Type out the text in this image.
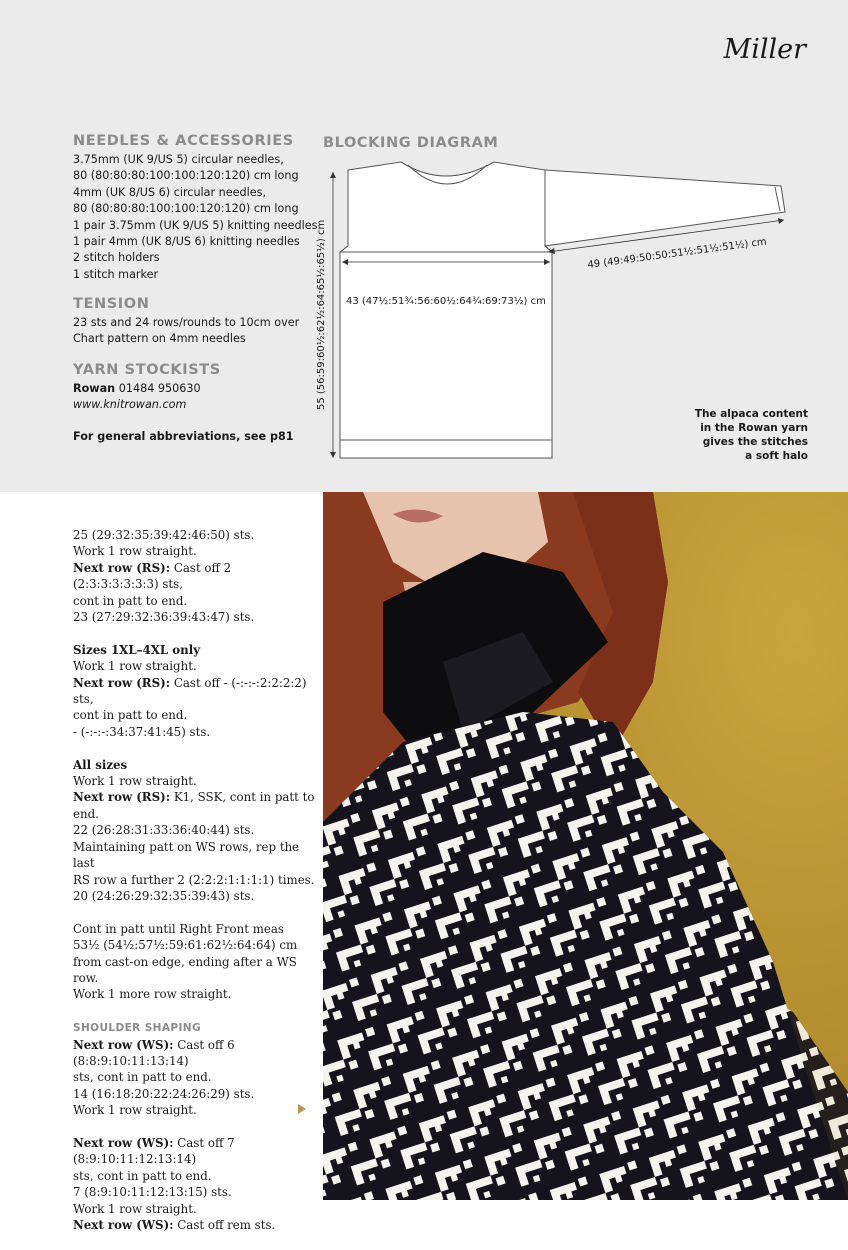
Miller
NEEDLES & ACCESSORIES
3.75mm (UK 9/US 5) circular needles,
80 (80:80:80:100:100:120:120) cm long
4mm (UK 8/US 6) circular needles,
80 (80:80:80:100:100:120:120) cm long
1 pair 3.75mm (UK 9/US 5) knitting needles
1 pair 4mm (UK 8/US 6) knitting needles
2 stitch holders
1 stitch marker
TENSION
23 sts and 24 rows/rounds to 10cm over
Chart pattern on 4mm needles
YARN STOCKISTS
Rowan 01484 950630
www.knitrowan.com
For general abbreviations, see p81
BLOCKING DIAGRAM
43 (47½:51¾:56:60½:64¾:69:73½) cm
55 (56:59:60½:62½:64:65½:65½) cm	49 (49:49:50:50:51½:51½:51½) cm
The alpaca content
in the Rowan yarn
gives the stitches
a soft halo

25 (29:32:35:39:42:46:50) sts.
Work 1 row straight.
Next row (RS): Cast off 2 (2:3:3:3:3:3:3) sts,
cont in patt to end.
23 (27:29:32:36:39:43:47) sts.

Sizes 1XL–4XL only
Work 1 row straight.
Next row (RS): Cast off - (-:-:-:2:2:2:2) sts,
cont in patt to end.
- (-:-:-:34:37:41:45) sts.

All sizes
Work 1 row straight.
Next row (RS): K1, SSK, cont in patt to end.
22 (26:28:31:33:36:40:44) sts.
Maintaining patt on WS rows, rep the last
RS row a further 2 (2:2:2:1:1:1:1) times.
20 (24:26:29:32:35:39:43) sts.

Cont in patt until Right Front meas
53½ (54½:57½:59:61:62½:64:64) cm
from cast-on edge, ending after a WS row.
Work 1 more row straight.

SHOULDER SHAPING
Next row (WS): Cast off 6 (8:8:9:10:11:13:14)
sts, cont in patt to end.
14 (16:18:20:22:24:26:29) sts.
Work 1 row straight.

Next row (WS): Cast off 7 (8:9:10:11:12:13:14)
sts, cont in patt to end.
7 (8:9:10:11:12:13:15) sts.
Work 1 row straight.
Next row (WS): Cast off rem sts.
